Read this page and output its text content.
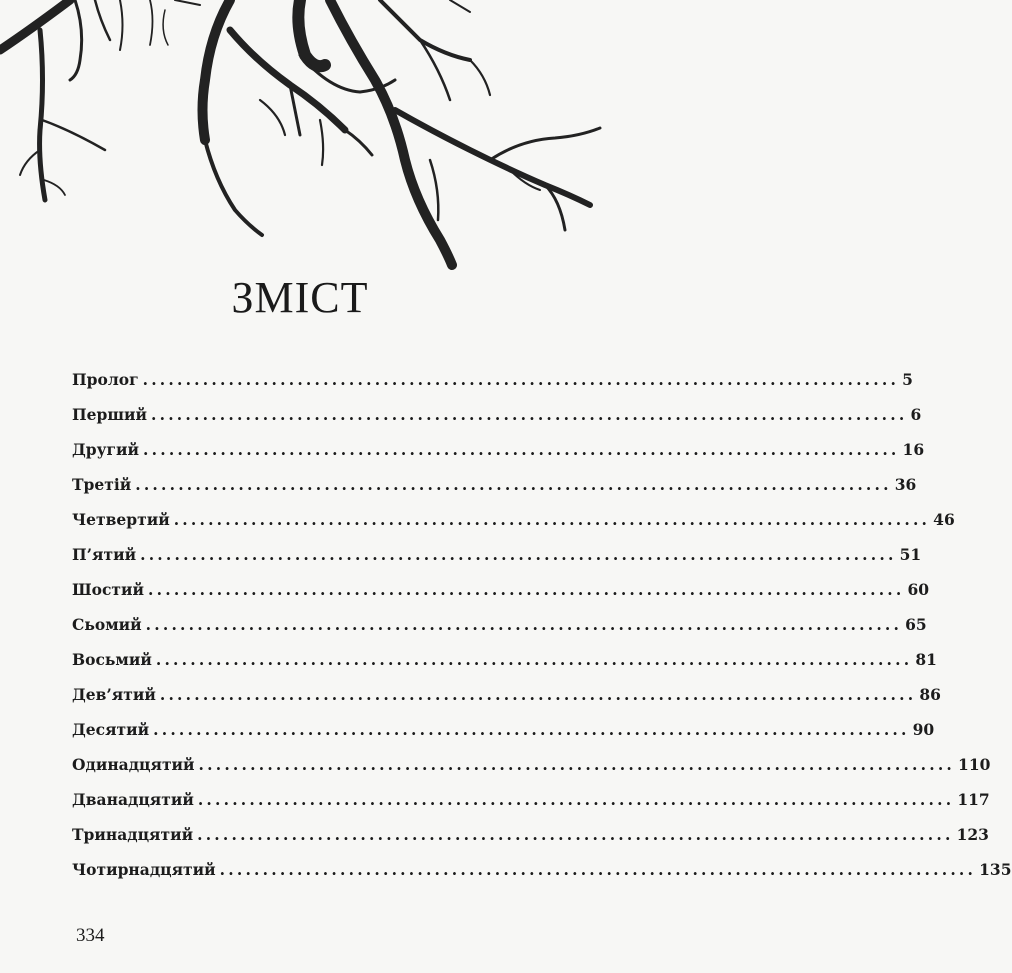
ЗМІСТ
Пролог ........................................................................................ 5
Перший ........................................................................................ 6
Другий ........................................................................................ 16
Третій ........................................................................................ 36
Четвертий ........................................................................................ 46
П’ятий ........................................................................................ 51
Шостий ........................................................................................ 60
Сьомий ........................................................................................ 65
Восьмий ........................................................................................ 81
Дев’ятий ........................................................................................ 86
Десятий ........................................................................................ 90
Одинадцятий ........................................................................................ 110
Дванадцятий ........................................................................................ 117
Тринадцятий ........................................................................................ 123
Чотирнадцятий ........................................................................................ 135
334
